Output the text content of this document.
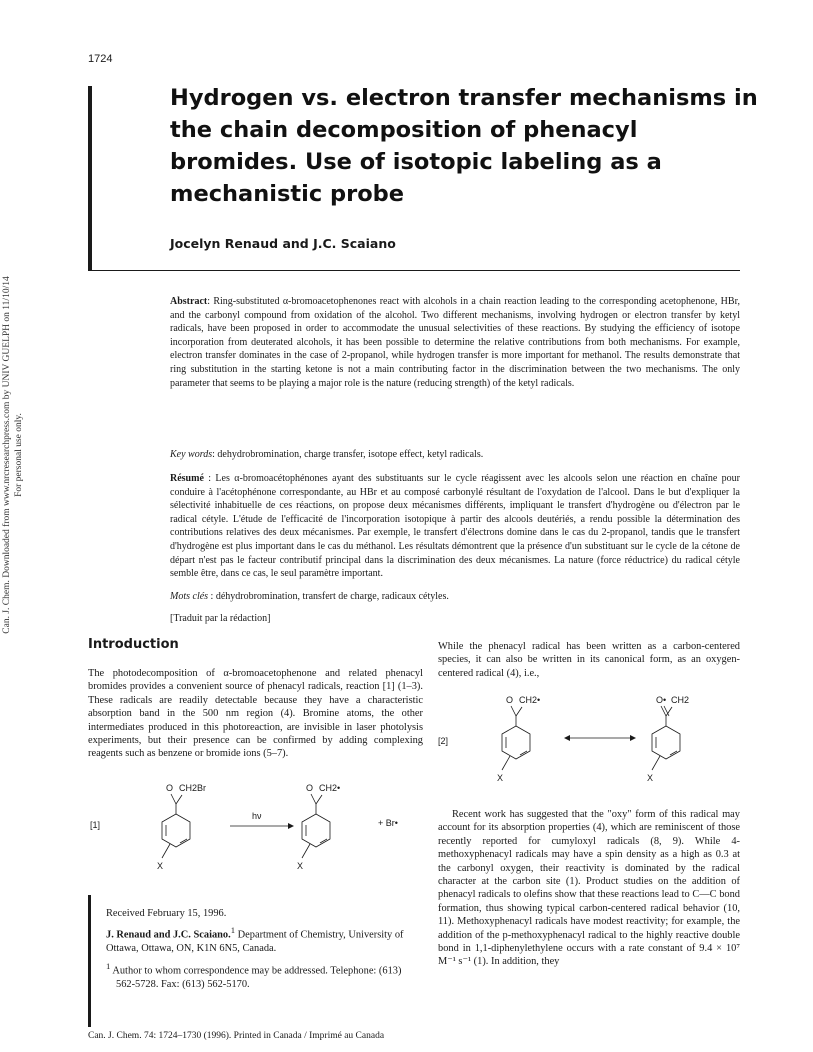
1724
Can. J. Chem. Downloaded from www.nrcresearchpress.com by UNIV GUELPH on 11/10/14 For personal use only.
Hydrogen vs. electron transfer mechanisms in the chain decomposition of phenacyl bromides. Use of isotopic labeling as a mechanistic probe

Jocelyn Renaud and J.C. Scaiano

Abstract: Ring-substituted α-bromoacetophenones react with alcohols in a chain reaction leading to the corresponding acetophenone, HBr, and the carbonyl compound from oxidation of the alcohol. Two different mechanisms, involving hydrogen or electron transfer by ketyl radicals, have been proposed in order to accommodate the unusual selectivities of these reactions. By studying the efficiency of isotope incorporation from deuterated alcohols, it has been possible to determine the relative contributions from both mechanisms. For example, electron transfer dominates in the case of 2-propanol, while hydrogen transfer is more important for methanol. The results demonstrate that ring substitution in the starting ketone is not a main contributing factor in the discrimination between the two mechanisms. The only parameter that seems to be playing a major role is the nature (reducing strength) of the ketyl radicals.

Key words: dehydrobromination, charge transfer, isotope effect, ketyl radicals.

Résumé : Les α-bromoacétophénones ayant des substituants sur le cycle réagissent avec les alcools selon une réaction en chaîne pour conduire à l'acétophénone correspondante, au HBr et au composé carbonylé résultant de l'oxydation de l'alcool. Dans le but d'expliquer la sélectivité inhabituelle de ces réactions, on propose deux mécanismes différents, impliquant le transfert d'hydrogène ou d'électron par le radical cétyle. L'étude de l'efficacité de l'incorporation isotopique à partir des alcools deutériés, a rendu possible la détermination des contributions relatives des deux mécanismes. Par exemple, le transfert d'électrons domine dans le cas du 2-propanol, tandis que le transfert d'hydrogène est plus important dans le cas du méthanol. Les résultats démontrent que la présence d'un substituant sur le cycle de la cétone de départ n'est pas le facteur contributif principal dans la discrimination des deux mécanismes. La nature (force réductrice) du radical cétyle semble être, dans ce cas, le seul paramètre important.

Mots clés : déhydrobromination, transfert de charge, radicaux cétyles.

[Traduit par la rédaction]

Introduction

The photodecomposition of α-bromoacetophenone and related phenacyl bromides provides a convenient source of phenacyl radicals, reaction [1] (1–3). These radicals are readily detectable because they have a characteristic absorption band in the 500 nm region (4). Bromine atoms, the other intermediates produced in this photoreaction, are invisible in laser photolysis experiments, but their presence can be confirmed by adding complexing reagents such as benzene or bromide ions (5–7).

[1]
O CH2Br
X
hν
O CH2•
X
+ Br•

Received February 15, 1996.

J. Renaud and J.C. Scaiano.$^1$ Department of Chemistry, University of Ottawa, Ottawa, ON, K1N 6N5, Canada.

$^1$ Author to whom correspondence may be addressed. Telephone: (613) 562-5728. Fax: (613) 562-5170.

While the phenacyl radical has been written as a carbon-centered species, it can also be written in its canonical form, as an oxygen-centered radical (4), i.e.,

[2]
O CH2•
X
O• CH2
X

Recent work has suggested that the "oxy" form of this radical may account for its absorption properties (4), which are reminiscent of those recently reported for cumyloxyl radicals (8, 9). While 4-methoxyphenacyl radicals may have a spin density as a high as 0.3 at the carbonyl oxygen, their reactivity is dominated by the radical character at the carbon site (1). Product studies on the addition of phenacyl radicals to olefins show that these reactions lead to C—C bond formation, thus showing typical carbon-centered radical behavior (10, 11). Methoxyphenacyl radicals have modest reactivity; for example, the addition of the p-methoxyphenacyl radical to the highly reactive double bond in 1,1-diphenylethylene occurs with a rate constant of 9.4 × 10⁷ M⁻¹ s⁻¹ (1). In addition, they

Can. J. Chem. 74: 1724–1730 (1996). Printed in Canada / Imprimé au Canada
